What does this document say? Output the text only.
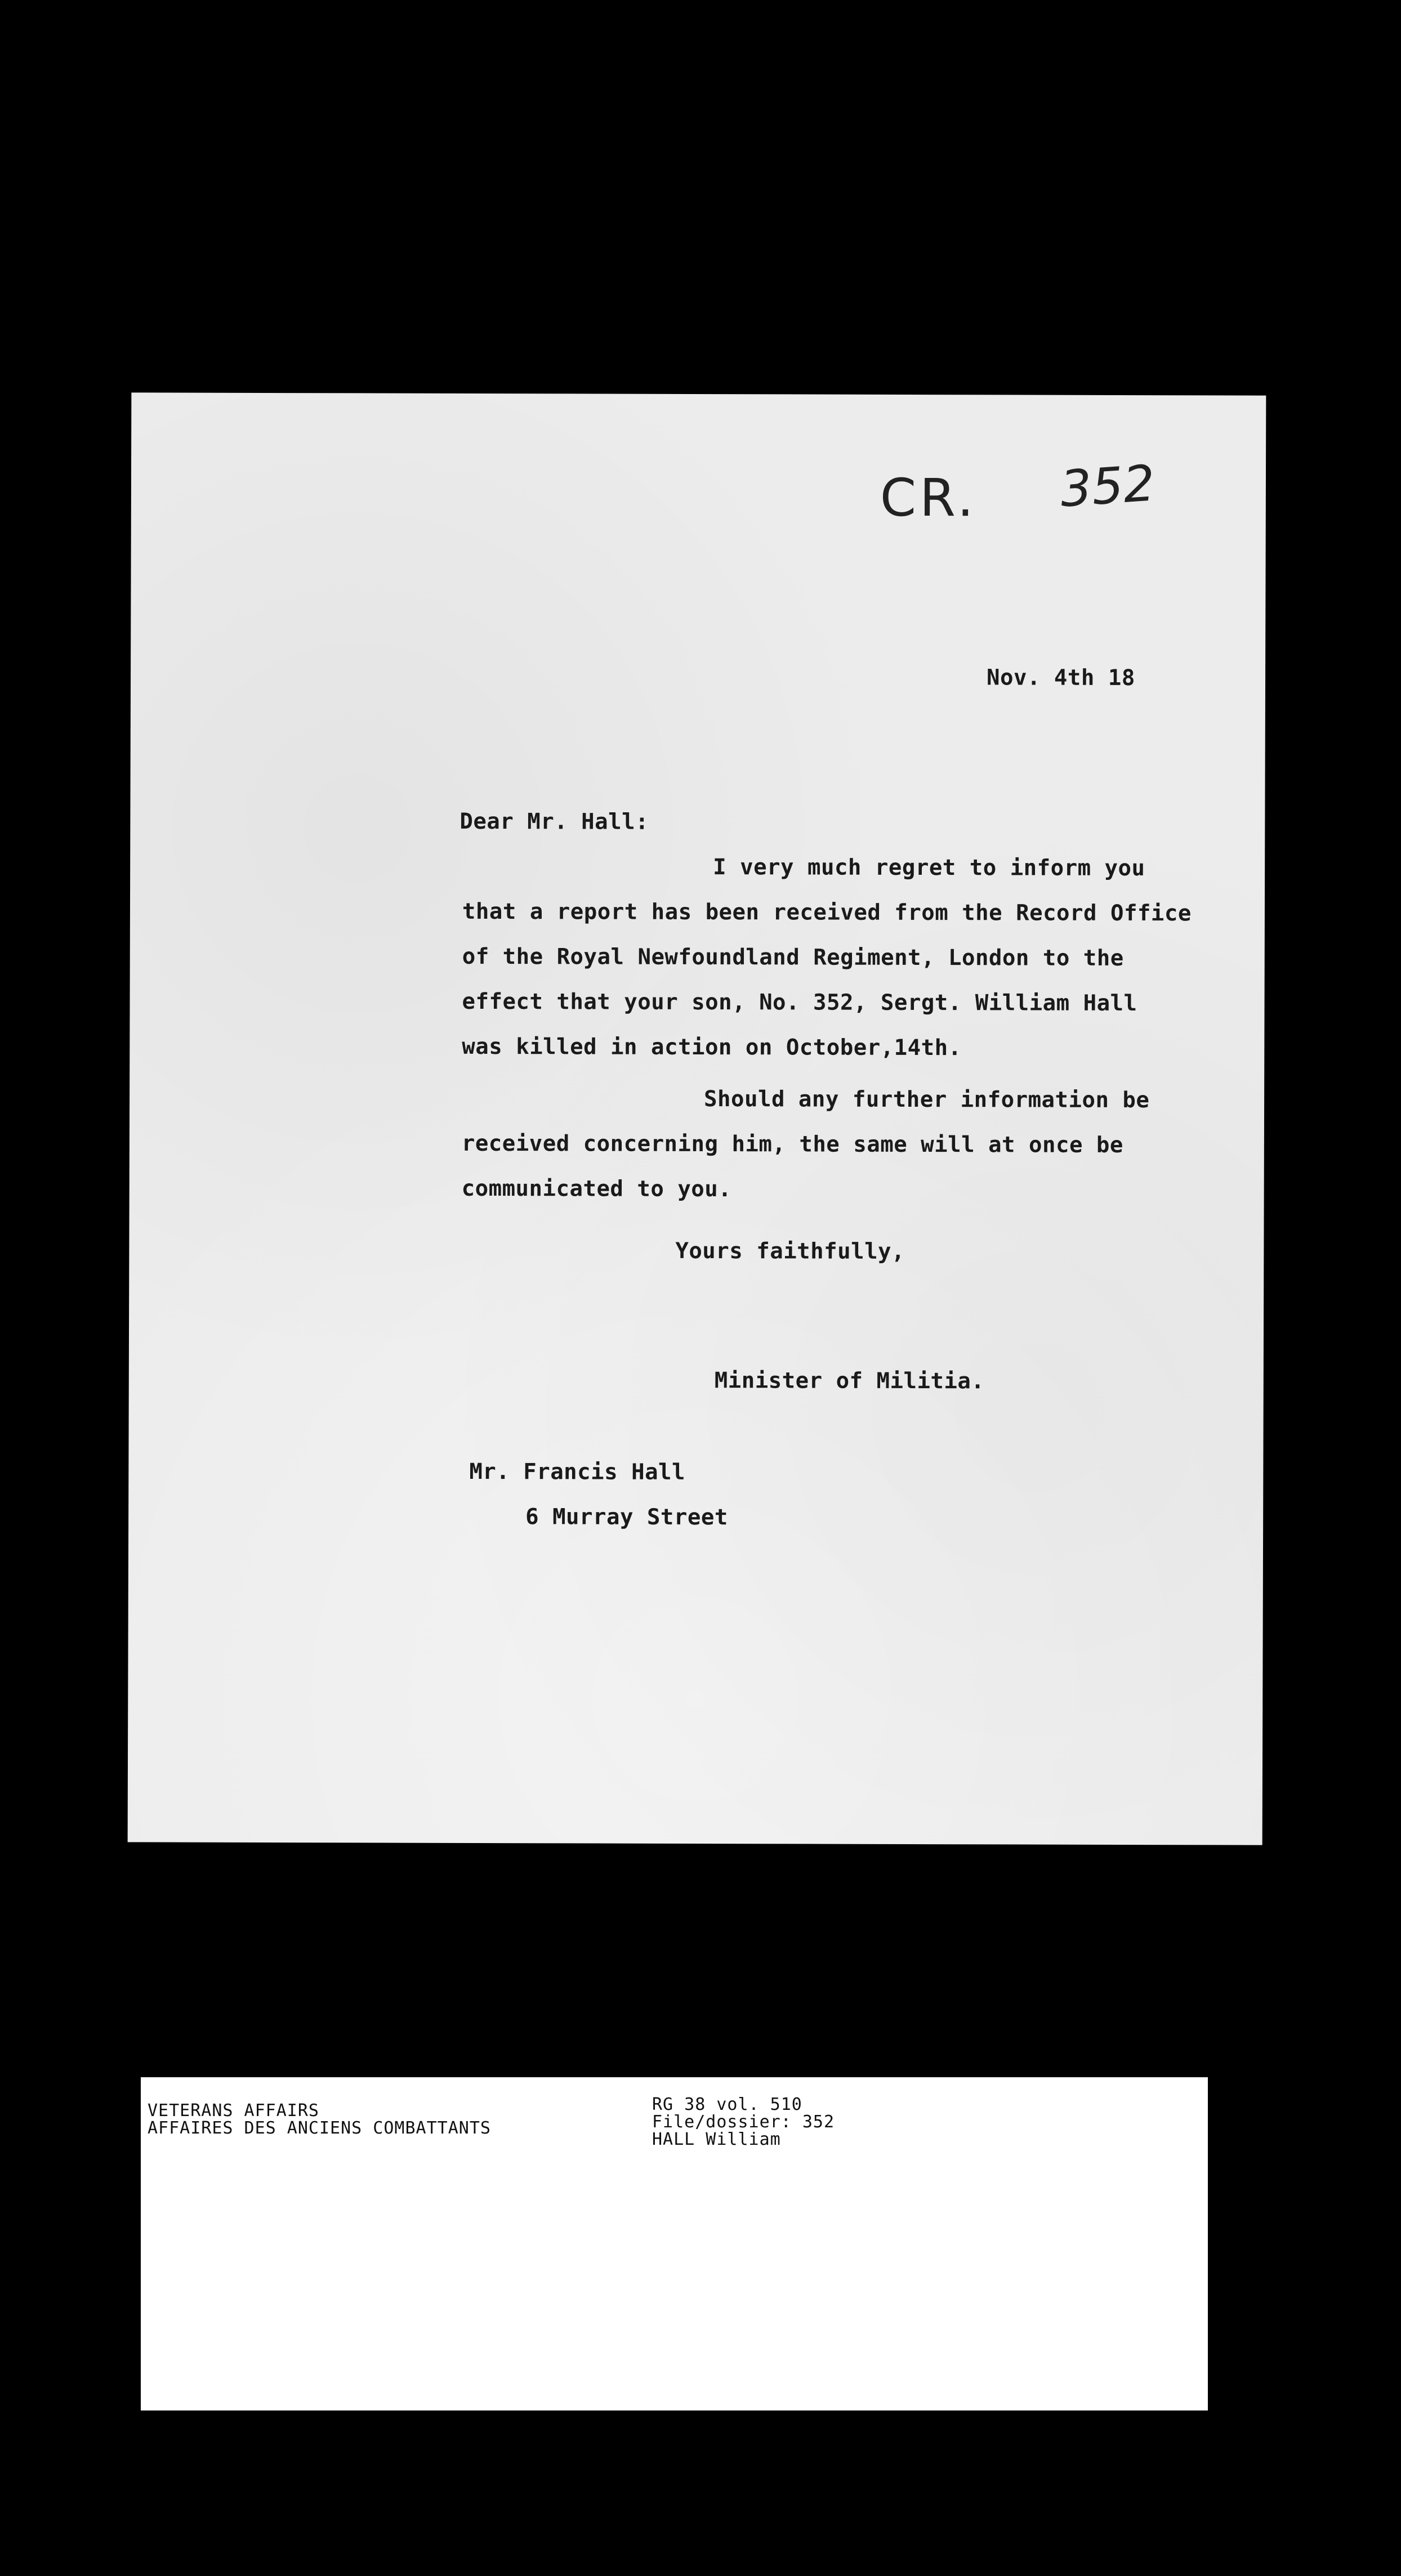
CR. 352
Nov. 4th 18
Dear Mr. Hall:
I very much regret to inform you
that a report has been received from the Record Office
of the Royal Newfoundland Regiment, London to the
effect that your son, No. 352, Sergt. William Hall
was killed in action on October,14th.
Should any further information be
received concerning him, the same will at once be
communicated to you.
Yours faithfully,
Minister of Militia.
Mr. Francis Hall
6 Murray Street
VETERANS AFFAIRS
AFFAIRES DES ANCIENS COMBATTANTS
RG 38 vol. 510
File/dossier: 352
HALL William
